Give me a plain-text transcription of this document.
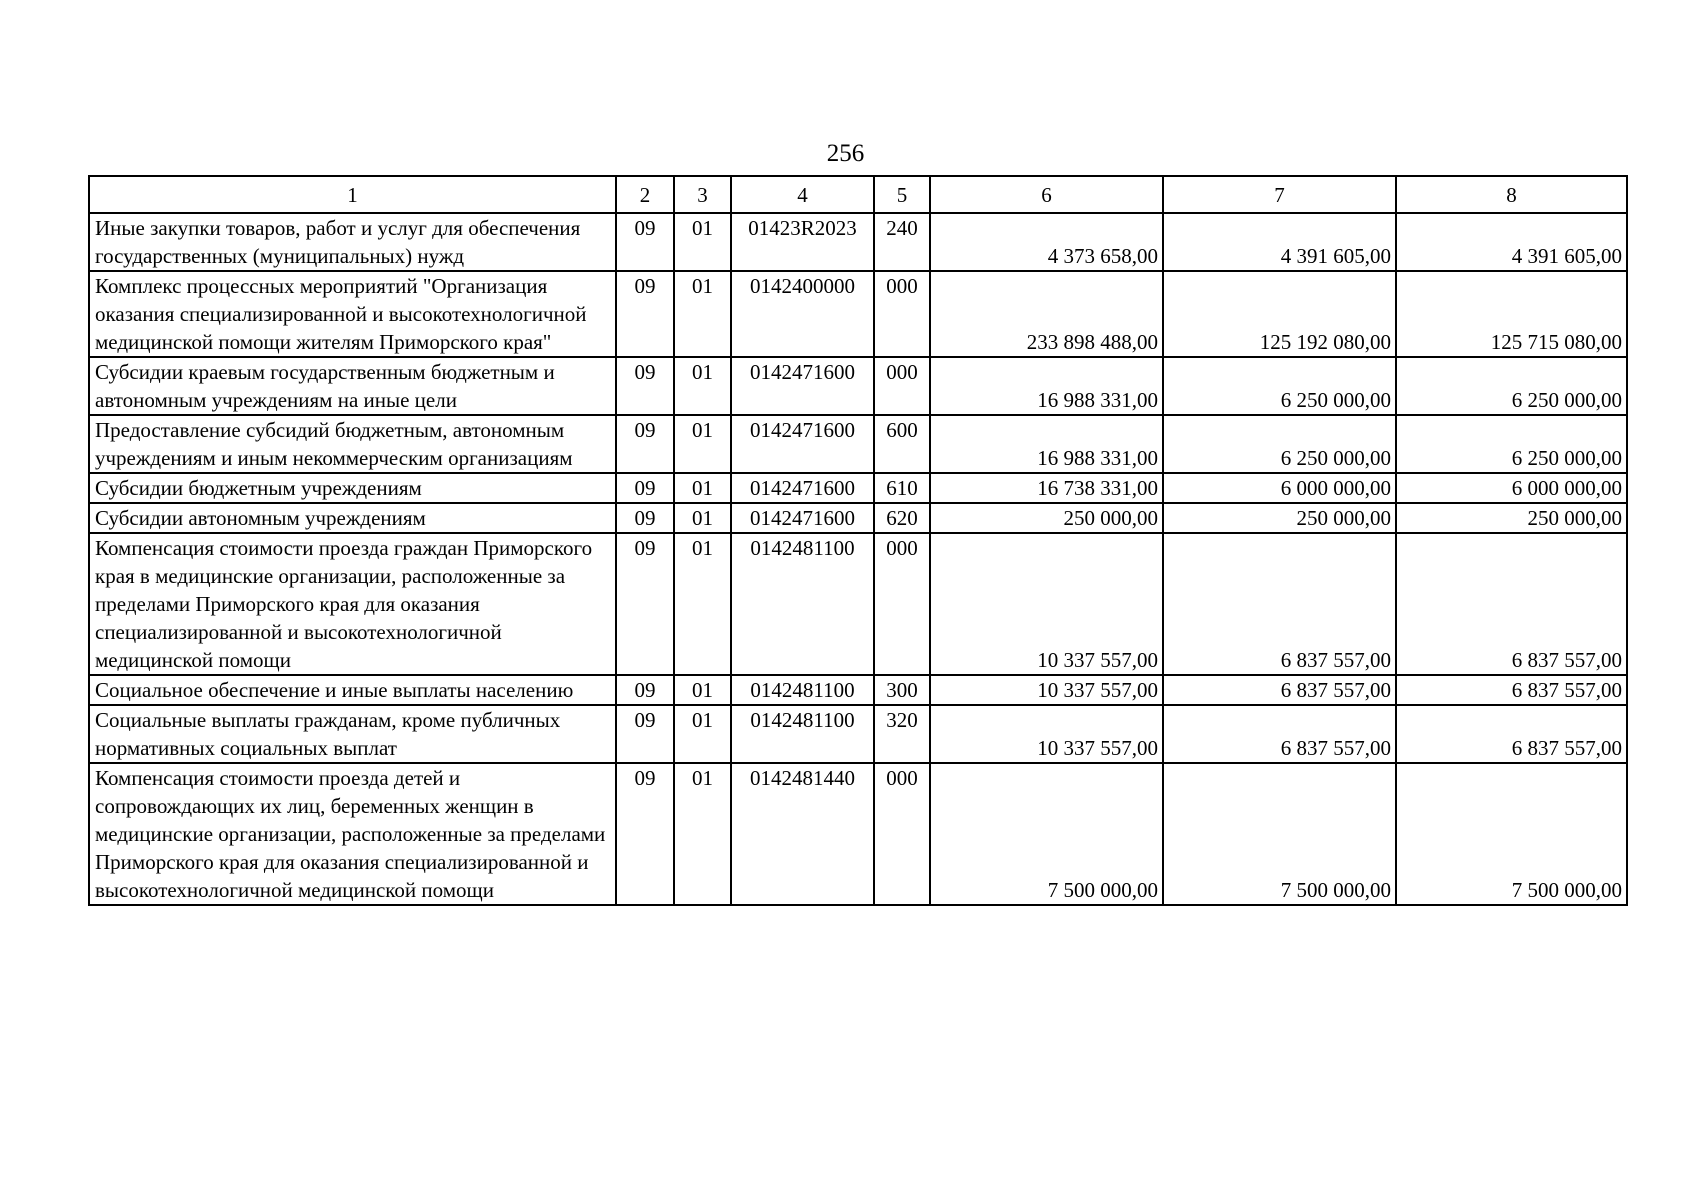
256
1	2	3	4	5	6	7	8
Иные закупки товаров, работ и услуг для обеспечения государственных (муниципальных) нужд	09	01	01423R2023	240	4 373 658,00	4 391 605,00	4 391 605,00
Комплекс процессных мероприятий "Организация оказания специализированной и высокотехнологичной медицинской помощи жителям Приморского края"	09	01	0142400000	000	233 898 488,00	125 192 080,00	125 715 080,00
Субсидии краевым государственным бюджетным и автономным учреждениям на иные цели	09	01	0142471600	000	16 988 331,00	6 250 000,00	6 250 000,00
Предоставление субсидий бюджетным, автономным учреждениям и иным некоммерческим организациям	09	01	0142471600	600	16 988 331,00	6 250 000,00	6 250 000,00
Субсидии бюджетным учреждениям	09	01	0142471600	610	16 738 331,00	6 000 000,00	6 000 000,00
Субсидии автономным учреждениям	09	01	0142471600	620	250 000,00	250 000,00	250 000,00
Компенсация стоимости проезда граждан Приморского края в медицинские организации, расположенные за пределами Приморского края для оказания специализированной и высокотехнологичной медицинской помощи	09	01	0142481100	000	10 337 557,00	6 837 557,00	6 837 557,00
Социальное обеспечение и иные выплаты населению	09	01	0142481100	300	10 337 557,00	6 837 557,00	6 837 557,00
Социальные выплаты гражданам, кроме публичных нормативных социальных выплат	09	01	0142481100	320	10 337 557,00	6 837 557,00	6 837 557,00
Компенсация стоимости проезда детей и сопровождающих их лиц, беременных женщин в медицинские организации, расположенные за пределами Приморского края для оказания специализированной и высокотехнологичной медицинской помощи	09	01	0142481440	000	7 500 000,00	7 500 000,00	7 500 000,00
